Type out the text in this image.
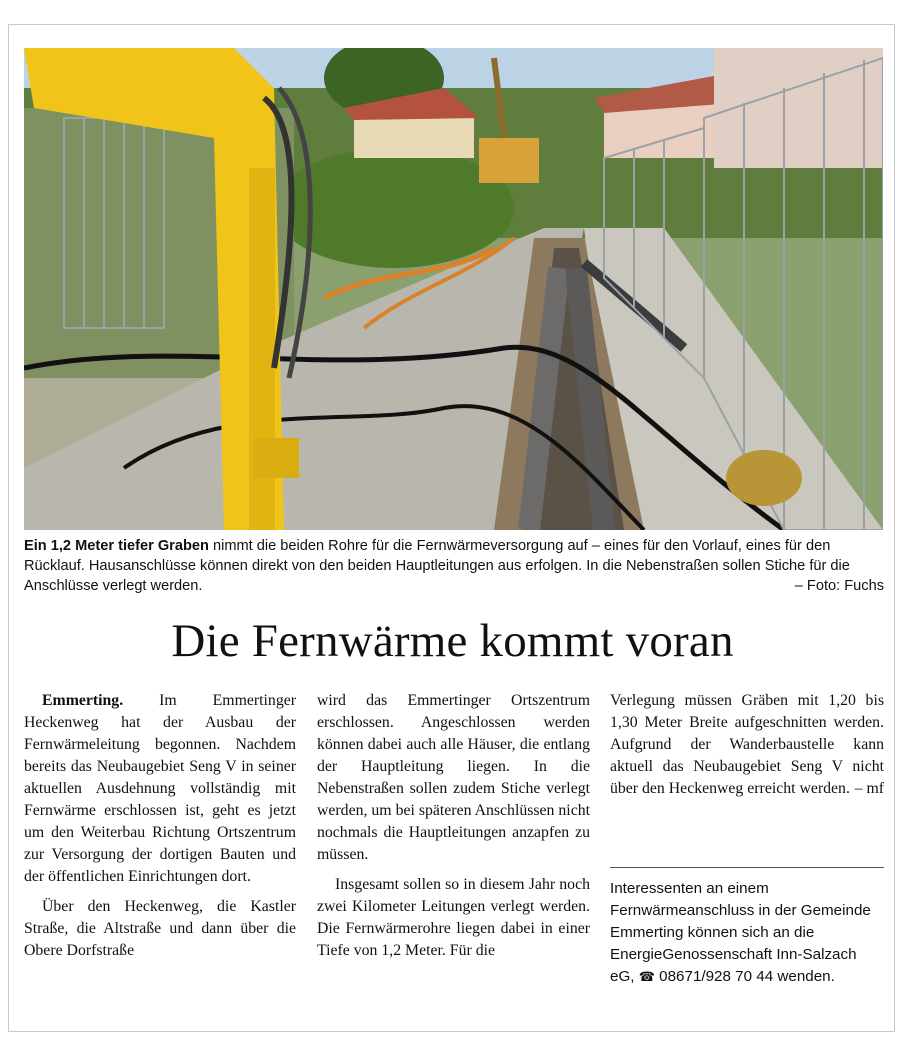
Ein 1,2 Meter tiefer Graben nimmt die beiden Rohre für die Fernwärmeversorgung auf – eines für den Vorlauf, eines für den Rücklauf. Hausanschlüsse können direkt von den beiden Hauptleitungen aus erfolgen. In die Nebenstraßen sollen Stiche für die Anschlüsse verlegt werden.	– Foto: Fuchs
Die Fernwärme kommt voran

Emmerting. Im Emmertinger Heckenweg hat der Ausbau der Fernwärmeleitung begonnen. Nachdem bereits das Neubaugebiet Seng V in seiner aktuellen Ausdehnung vollständig mit Fernwärme erschlossen ist, geht es jetzt um den Weiterbau Richtung Ortszentrum zur Versorgung der dortigen Bauten und der öffentlichen Einrichtungen dort.

Über den Heckenweg, die Kastler Straße, die Altstraße und dann über die Obere Dorfstraße

wird das Emmertinger Ortszentrum erschlossen. Angeschlossen werden können dabei auch alle Häuser, die entlang der Hauptleitung liegen. In die Nebenstraßen sollen zudem Stiche verlegt werden, um bei späteren Anschlüssen nicht nochmals die Hauptleitungen anzapfen zu müssen.

Insgesamt sollen so in diesem Jahr noch zwei Kilometer Leitungen verlegt werden. Die Fernwärmerohre liegen dabei in einer Tiefe von 1,2 Meter. Für die

Verlegung müssen Gräben mit 1,20 bis 1,30 Meter Breite aufgeschnitten werden. Aufgrund der Wanderbaustelle kann aktuell das Neubaugebiet Seng V nicht über den Heckenweg erreicht werden. – mf

Interessenten an einem Fernwärmeanschluss in der Gemeinde Emmerting können sich an die EnergieGenossenschaft Inn-Salzach eG, ☎ 08671/928 70 44 wenden.
